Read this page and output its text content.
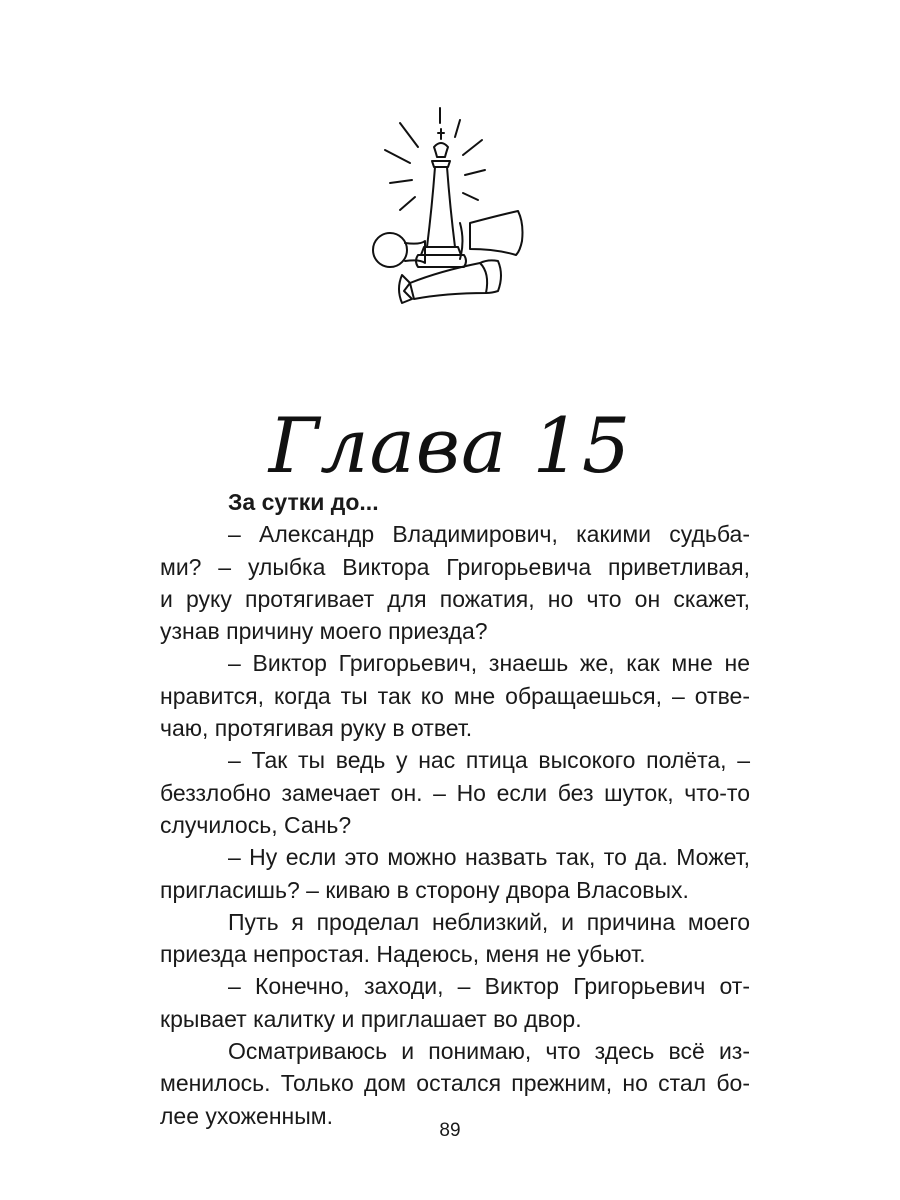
Глава 15
За сутки до...
– Александр Владимирович, какими судьба-
ми? – улыбка Виктора Григорьевича приветливая,
и руку протягивает для пожатия, но что он скажет,
узнав причину моего приезда?
– Виктор Григорьевич, знаешь же, как мне не
нравится, когда ты так ко мне обращаешься, – отве-
чаю, протягивая руку в ответ.
– Так ты ведь у нас птица высокого полёта, –
беззлобно замечает он. – Но если без шуток, что-то
случилось, Сань?
– Ну если это можно назвать так, то да. Может,
пригласишь? – киваю в сторону двора Власовых.
Путь я проделал неблизкий, и причина моего
приезда непростая. Надеюсь, меня не убьют.
– Конечно, заходи, – Виктор Григорьевич от-
крывает калитку и приглашает во двор.
Осматриваюсь и понимаю, что здесь всё из-
менилось. Только дом остался прежним, но стал бо-
лее ухоженным.
89
